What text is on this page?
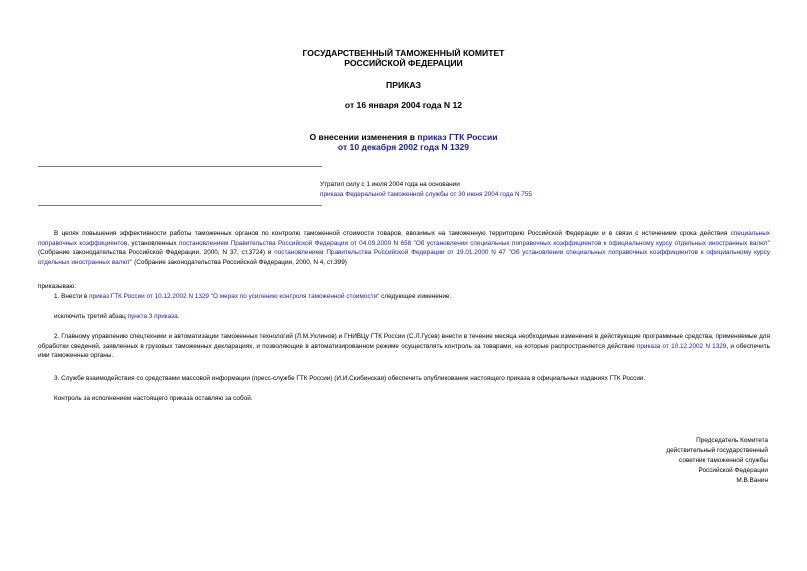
ГОСУДАРСТВЕННЫЙ ТАМОЖЕННЫЙ КОМИТЕТ
РОССИЙСКОЙ ФЕДЕРАЦИИ
ПРИКАЗ
от 16 января 2004 года N 12
О внесении изменения в приказ ГТК России
от 10 декабря 2002 года N 1329
Утратил силу с 1 июля 2004 года на основании
приказа Федеральной таможенной службы от 30 июня 2004 года N 755
В целях повышения эффективности работы таможенных органов по контролю таможенной стоимости товаров, ввозимых на таможенную территорию Российской Федерации и в связи с истечением срока действия специальных поправочных коэффициентов, установленных постановлением Правительства Российской Федерации от 04.09.2000 N 658 "Об установлении специальных поправочных коэффициентов к официальному курсу отдельных иностранных валют" (Собрание законодательства Российской Федерации, 2000, N 37, ст.3724) и постановлением Правительства Российской Федерации от 19.01.2000 N 47 "Об установлении специальных поправочных коэффициентов к официальному курсу отдельных иностранных валют" (Собрание законодательства Российской Федерации, 2000, N 4, ст.399)
приказываю:
1. Внести в приказ ГТК России от 10.12.2002 N 1329 "О мерах по усилению контроля таможенной стоимости" следующее изменение:
исключить третий абзац пункта 3 приказа.
2. Главному управлению спецтехники и автоматизации таможенных технологий (Л.М.Ухлинов) и ГНИВЦу ГТК России (С.Л.Гусев) внести в течение месяца необходимые изменения в действующие программные средства, применяемые для обработки сведений, заявленных в грузовых таможенных декларациях, и позволяющие в автоматизированном режиме осуществлять контроль за товарами, на которые распространяется действие приказа от 10.12.2002 N 1329, и обеспечить ими таможенные органы.
3. Службе взаимодействия со средствами массовой информации (пресс-службе ГТК России) (И.И.Скибинская) обеспечить опубликование настоящего приказа в официальных изданиях ГТК России.
Контроль за исполнением настоящего приказа оставляю за собой.
Председатель Комитета
действительный государственный
советник таможенной службы
Российской Федерации
М.В.Ванин
